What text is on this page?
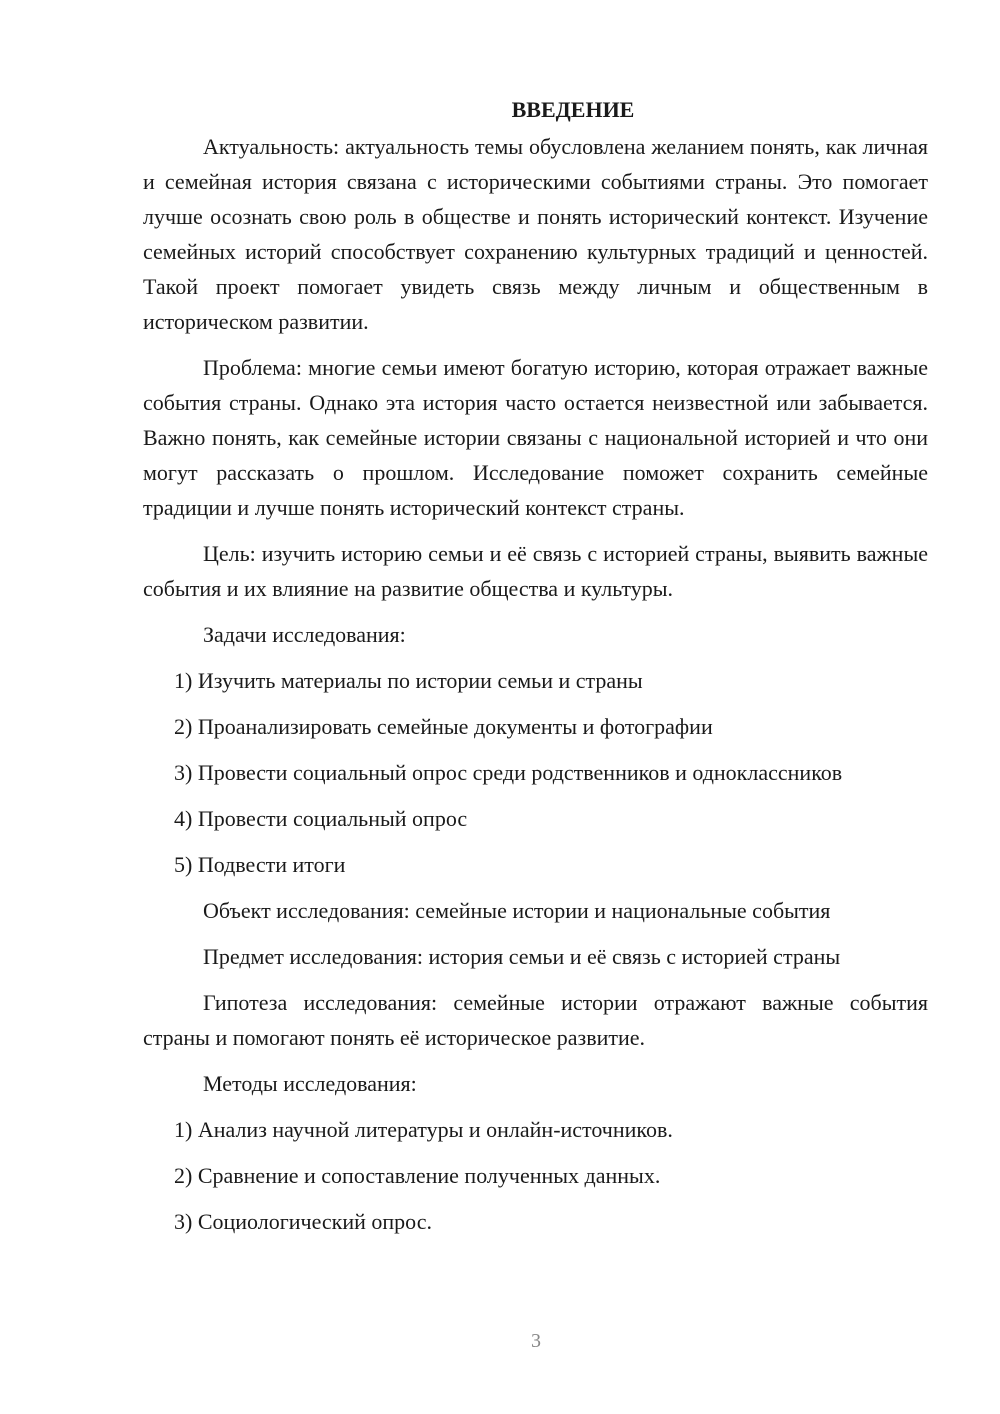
ВВЕДЕНИЕ

Актуальность: актуальность темы обусловлена желанием понять, как личная и семейная история связана с историческими событиями страны. Это помогает лучше осознать свою роль в обществе и понять исторический контекст. Изучение семейных историй способствует сохранению культурных традиций и ценностей. Такой проект помогает увидеть связь между личным и общественным в историческом развитии.

Проблема: многие семьи имеют богатую историю, которая отражает важные события страны. Однако эта история часто остается неизвестной или забывается. Важно понять, как семейные истории связаны с национальной историей и что они могут рассказать о прошлом. Исследование поможет сохранить семейные традиции и лучше понять исторический контекст страны.

Цель: изучить историю семьи и её связь с историей страны, выявить важные события и их влияние на развитие общества и культуры.

Задачи исследования:

1) Изучить материалы по истории семьи и страны

2) Проанализировать семейные документы и фотографии

3) Провести социальный опрос среди родственников и одноклассников

4) Провести социальный опрос

5) Подвести итоги

Объект исследования: семейные истории и национальные события

Предмет исследования: история семьи и её связь с историей страны

Гипотеза исследования: семейные истории отражают важные события страны и помогают понять её историческое развитие.

Методы исследования:

1) Анализ научной литературы и онлайн-источников.

2) Сравнение и сопоставление полученных данных.

3) Социологический опрос.

3
